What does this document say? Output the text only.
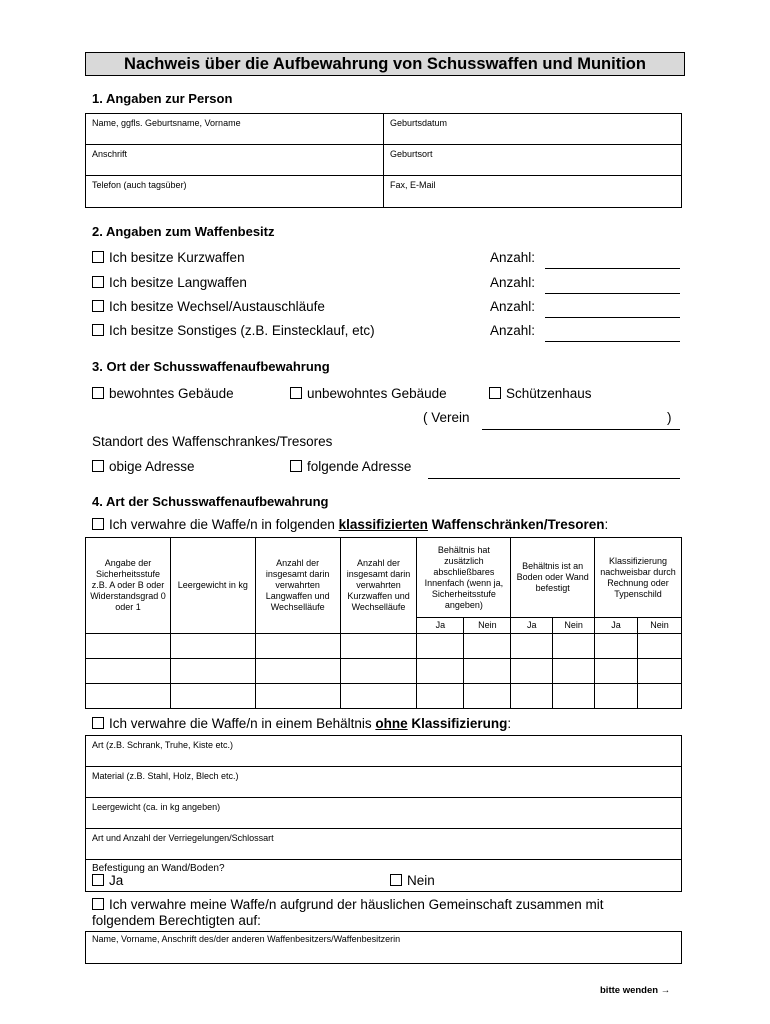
Nachweis über die Aufbewahrung von Schusswaffen und Munition
1. Angaben zur Person
Name, ggfls. Geburtsname, Vorname	Geburtsdatum
Anschrift	Geburtsort
Telefon (auch tagsüber)	Fax, E-Mail
2. Angaben zum Waffenbesitz
Ich besitze Kurzwaffen	Anzahl:
Ich besitze Langwaffen	Anzahl:
Ich besitze Wechsel/Austauschläufe	Anzahl:
Ich besitze Sonstiges (z.B. Einstecklauf, etc)	Anzahl:
3. Ort der Schusswaffenaufbewahrung
bewohntes Gebäude	unbewohntes Gebäude	Schützenhaus
( Verein	)
Standort des Waffenschrankes/Tresores
obige Adresse	folgende Adresse
4. Art der Schusswaffenaufbewahrung
Ich verwahre die Waffe/n in folgenden klassifizierten Waffenschränken/Tresoren:
Angabe der Sicherheitsstufe z.B. A oder B oder Widerstandsgrad 0 oder 1	Leergewicht in kg	Anzahl der insgesamt darin verwahrten Langwaffen und Wechselläufe	Anzahl der insgesamt darin verwahrten Kurzwaffen und Wechselläufe	Behältnis hat zusätzlich abschließbares Innenfach (wenn ja, Sicherheitsstufe angeben)		Behältnis ist an Boden oder Wand befestigt		Klassifizierung nachweisbar durch Rechnung oder Typenschild	
				Ja	Nein	Ja	Nein	Ja	Nein

Ich verwahre die Waffe/n in einem Behältnis ohne Klassifizierung:
Art (z.B. Schrank, Truhe, Kiste etc.)
Material (z.B. Stahl, Holz, Blech etc.)
Leergewicht (ca. in kg angeben)
Art und Anzahl der Verriegelungen/Schlossart
Befestigung an Wand/Boden?
Ja	Nein
Ich verwahre meine Waffe/n aufgrund der häuslichen Gemeinschaft zusammen mit
folgendem Berechtigten auf:
Name, Vorname, Anschrift des/der anderen Waffenbesitzers/Waffenbesitzerin
bitte wenden →
